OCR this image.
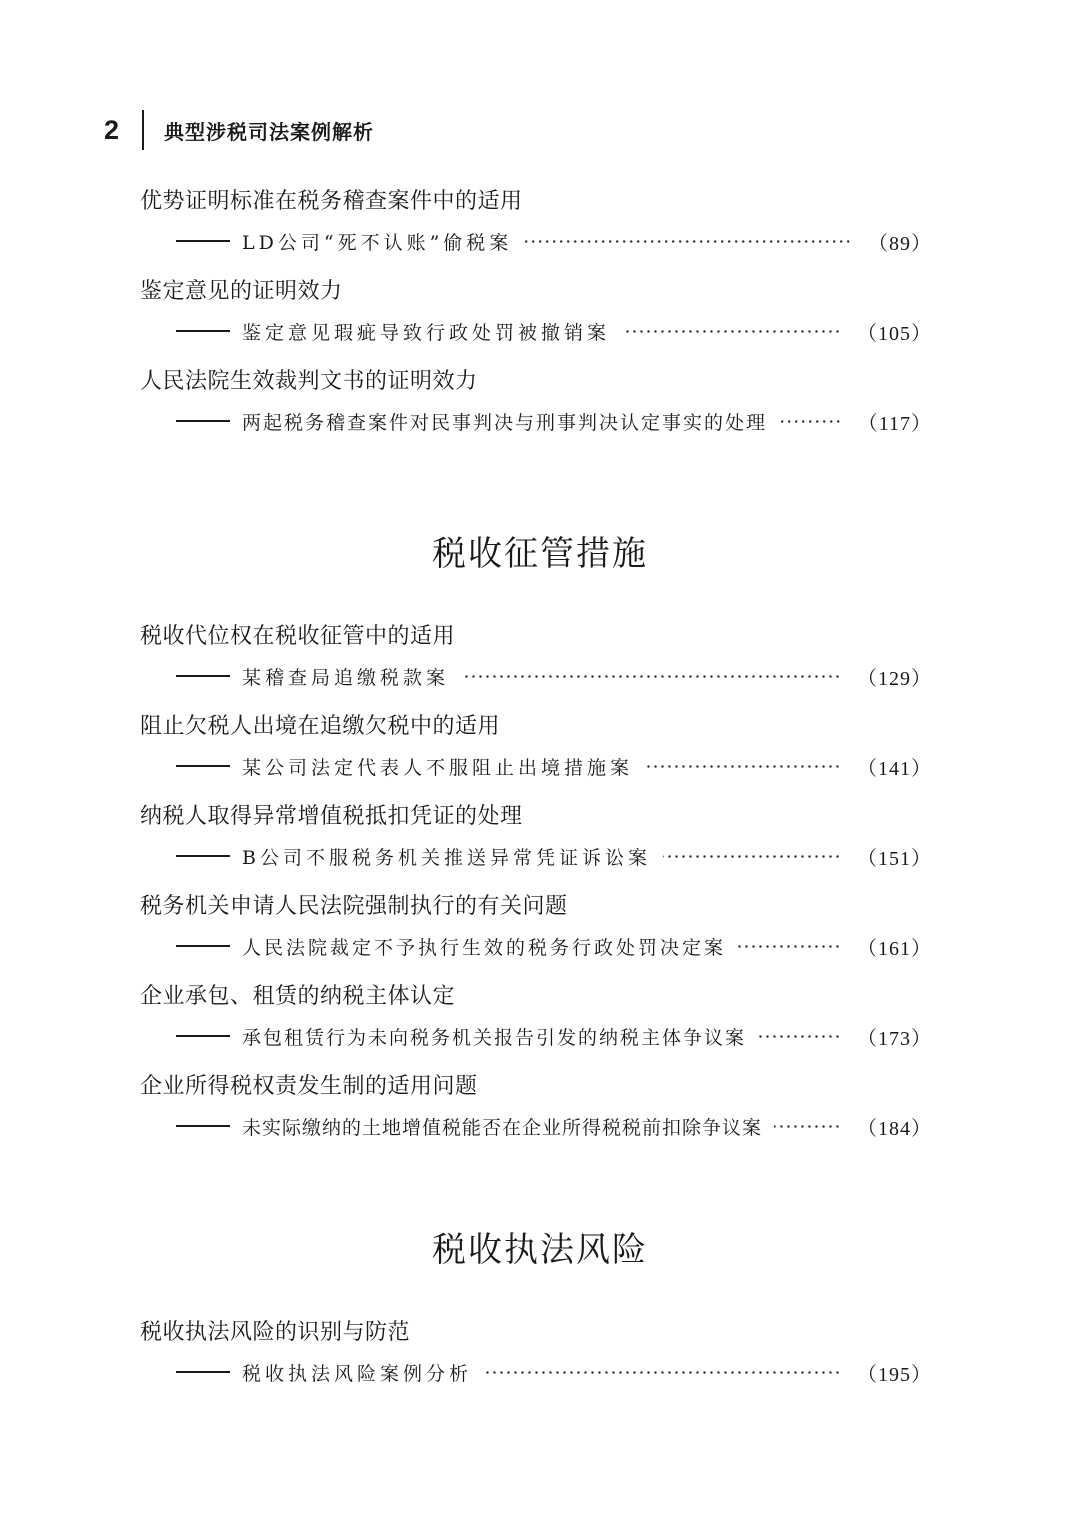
2	典型涉税司法案例解析
优势证明标准在税务稽查案件中的适用
LD公司“死不认账”偷税案	（89）
鉴定意见的证明效力
鉴定意见瑕疵导致行政处罚被撤销案	（105）
人民法院生效裁判文书的证明效力
两起税务稽查案件对民事判决与刑事判决认定事实的处理	（117）
税收征管措施
税收代位权在税收征管中的适用
某稽查局追缴税款案	（129）
阻止欠税人出境在追缴欠税中的适用
某公司法定代表人不服阻止出境措施案	（141）
纳税人取得异常增值税抵扣凭证的处理
B公司不服税务机关推送异常凭证诉讼案	（151）
税务机关申请人民法院强制执行的有关问题
人民法院裁定不予执行生效的税务行政处罚决定案	（161）
企业承包、租赁的纳税主体认定
承包租赁行为未向税务机关报告引发的纳税主体争议案	（173）
企业所得税权责发生制的适用问题
未实际缴纳的土地增值税能否在企业所得税税前扣除争议案	（184）
税收执法风险
税收执法风险的识别与防范
税收执法风险案例分析	（195）
